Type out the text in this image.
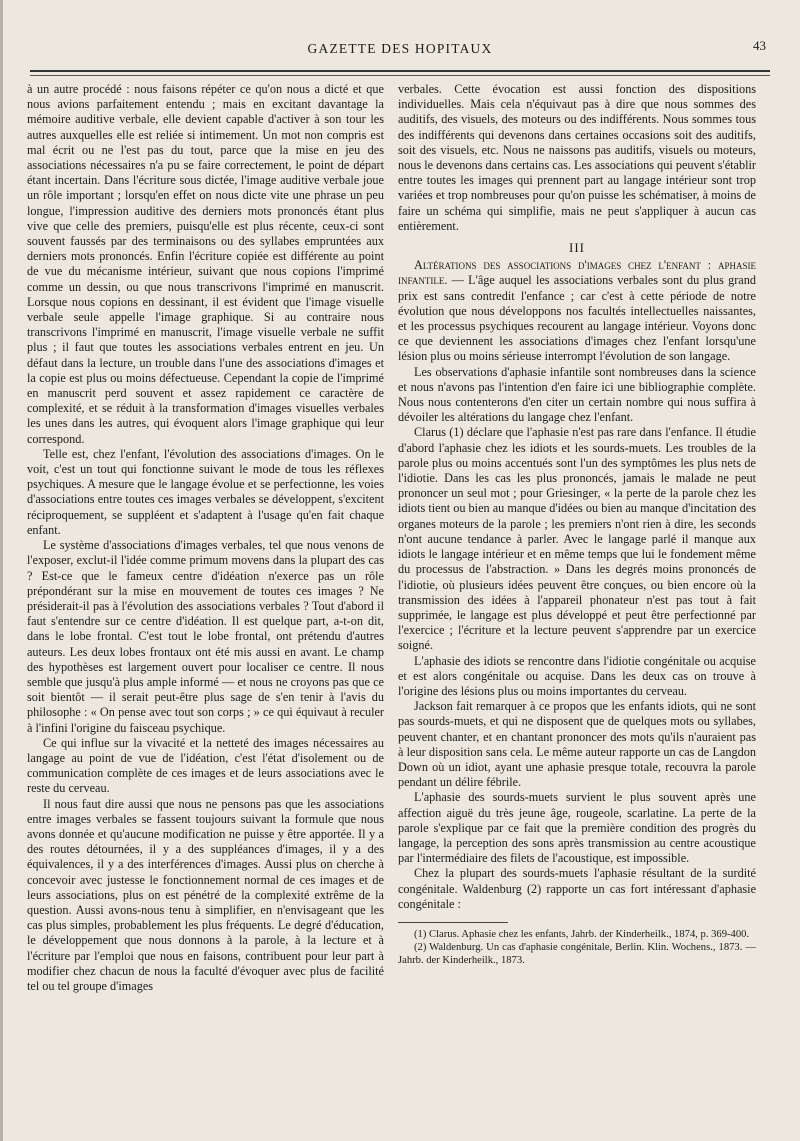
GAZETTE DES HOPITAUX	43

à un autre procédé : nous faisons répéter ce qu'on nous a dicté et que nous avions parfaitement entendu ; mais en excitant davantage la mémoire auditive verbale, elle devient capable d'activer à son tour les autres auxquelles elle est reliée si intimement. Un mot non compris est mal écrit ou ne l'est pas du tout, parce que la mise en jeu des associations nécessaires n'a pu se faire correctement, le point de départ étant incertain. Dans l'écriture sous dictée, l'image auditive verbale joue un rôle important ; lorsqu'en effet on nous dicte vite une phrase un peu longue, l'impression auditive des derniers mots prononcés étant plus vive que celle des premiers, puisqu'elle est plus récente, ceux-ci sont souvent faussés par des terminaisons ou des syllabes empruntées aux derniers mots prononcés. Enfin l'écriture copiée est différente au point de vue du mécanisme intérieur, suivant que nous copions l'imprimé comme un dessin, ou que nous transcrivons l'imprimé en manuscrit. Lorsque nous copions en dessinant, il est évident que l'image visuelle verbale seule appelle l'image graphique. Si au contraire nous transcrivons l'imprimé en manuscrit, l'image visuelle verbale ne suffit plus ; il faut que toutes les associations verbales entrent en jeu. Un défaut dans la lecture, un trouble dans l'une des associations d'images et la copie est plus ou moins défectueuse. Cependant la copie de l'imprimé en manuscrit perd souvent et assez rapidement ce caractère de complexité, et se réduit à la transformation d'images visuelles verbales les unes dans les autres, qui évoquent alors l'image graphique qui leur correspond.

Telle est, chez l'enfant, l'évolution des associations d'images. On le voit, c'est un tout qui fonctionne suivant le mode de tous les réflexes psychiques. A mesure que le langage évolue et se perfectionne, les voies d'associations entre toutes ces images verbales se développent, s'excitent réciproquement, se suppléent et s'adaptent à l'usage qu'en fait chaque enfant.

Le système d'associations d'images verbales, tel que nous venons de l'exposer, exclut-il l'idée comme primum movens dans la plupart des cas ? Est-ce que le fameux centre d'idéation n'exerce pas un rôle prépondérant sur la mise en mouvement de toutes ces images ? Ne présiderait-il pas à l'évolution des associations verbales ? Tout d'abord il faut s'entendre sur ce centre d'idéation. Il est quelque part, a-t-on dit, dans le lobe frontal. C'est tout le lobe frontal, ont prétendu d'autres auteurs. Les deux lobes frontaux ont été mis aussi en avant. Le champ des hypothèses est largement ouvert pour localiser ce centre. Il nous semble que jusqu'à plus ample informé — et nous ne croyons pas que ce soit bientôt — il serait peut-être plus sage de s'en tenir à l'avis du philosophe : « On pense avec tout son corps ; » ce qui équivaut à reculer à l'infini l'origine du faisceau psychique.

Ce qui influe sur la vivacité et la netteté des images nécessaires au langage au point de vue de l'idéation, c'est l'état d'isolement ou de communication complète de ces images et de leurs associations avec le reste du cerveau.

Il nous faut dire aussi que nous ne pensons pas que les associations entre images verbales se fassent toujours suivant la formule que nous avons donnée et qu'aucune modification ne puisse y être apportée. Il y a des routes détournées, il y a des suppléances d'images, il y a des équivalences, il y a des interférences d'images. Aussi plus on cherche à concevoir avec justesse le fonctionnement normal de ces images et de leurs associations, plus on est pénétré de la complexité extrême de la question. Aussi avons-nous tenu à simplifier, en n'envisageant que les cas plus simples, probablement les plus fréquents. Le degré d'éducation, le développement que nous donnons à la parole, à la lecture et à l'écriture par l'emploi que nous en faisons, contribuent pour leur part à modifier chez chacun de nous la faculté d'évoquer avec plus de facilité tel ou tel groupe d'images

verbales. Cette évocation est aussi fonction des dispositions individuelles. Mais cela n'équivaut pas à dire que nous sommes des auditifs, des visuels, des moteurs ou des indifférents. Nous sommes tous des indifférents qui devenons dans certaines occasions soit des auditifs, soit des visuels, etc. Nous ne naissons pas auditifs, visuels ou moteurs, nous le devenons dans certains cas. Les associations qui peuvent s'établir entre toutes les images qui prennent part au langage intérieur sont trop variées et trop nombreuses pour qu'on puisse les schématiser, à moins de faire un schéma qui simplifie, mais ne peut s'appliquer à aucun cas entièrement.

III

Altérations des associations d'images chez l'enfant : aphasie infantile. — L'âge auquel les associations verbales sont du plus grand prix est sans contredit l'enfance ; car c'est à cette période de notre évolution que nous développons nos facultés intellectuelles naissantes, et les processus psychiques recourent au langage intérieur. Voyons donc ce que deviennent les associations d'images chez l'enfant lorsqu'une lésion plus ou moins sérieuse interrompt l'évolution de son langage.

Les observations d'aphasie infantile sont nombreuses dans la science et nous n'avons pas l'intention d'en faire ici une bibliographie complète. Nous nous contenterons d'en citer un certain nombre qui nous suffira à dévoiler les altérations du langage chez l'enfant.

Clarus (1) déclare que l'aphasie n'est pas rare dans l'enfance. Il étudie d'abord l'aphasie chez les idiots et les sourds-muets. Les troubles de la parole plus ou moins accentués sont l'un des symptômes les plus nets de l'idiotie. Dans les cas les plus prononcés, jamais le malade ne peut prononcer un seul mot ; pour Griesinger, « la perte de la parole chez les idiots tient ou bien au manque d'idées ou bien au manque d'incitation des organes moteurs de la parole ; les premiers n'ont rien à dire, les seconds n'ont aucune tendance à parler. Avec le langage parlé il manque aux idiots le langage intérieur et en même temps que lui le fondement même du processus de l'abstraction. » Dans les degrés moins prononcés de l'idiotie, où plusieurs idées peuvent être conçues, ou bien encore où la transmission des idées à l'appareil phonateur n'est pas tout à fait supprimée, le langage est plus développé et peut être perfectionné par l'exercice ; l'écriture et la lecture peuvent s'apprendre par un exercice soigné.

L'aphasie des idiots se rencontre dans l'idiotie congénitale ou acquise et est alors congénitale ou acquise. Dans les deux cas on trouve à l'origine des lésions plus ou moins importantes du cerveau.

Jackson fait remarquer à ce propos que les enfants idiots, qui ne sont pas sourds-muets, et qui ne disposent que de quelques mots ou syllabes, peuvent chanter, et en chantant prononcer des mots qu'ils n'auraient pas à leur disposition sans cela. Le même auteur rapporte un cas de Langdon Down où un idiot, ayant une aphasie presque totale, recouvra la parole pendant un délire fébrile.

L'aphasie des sourds-muets survient le plus souvent après une affection aiguë du très jeune âge, rougeole, scarlatine. La perte de la parole s'explique par ce fait que la première condition des progrès du langage, la perception des sons après transmission au centre acoustique par l'intermédiaire des filets de l'acoustique, est impossible.

Chez la plupart des sourds-muets l'aphasie résultant de la surdité congénitale. Waldenburg (2) rapporte un cas fort intéressant d'aphasie congénitale :

(1) Clarus. Aphasie chez les enfants, Jahrb. der Kinderheilk., 1874, p. 369-400.

(2) Waldenburg. Un cas d'aphasie congénitale, Berlin. Klin. Wochens., 1873. — Jahrb. der Kinderheilk., 1873.
